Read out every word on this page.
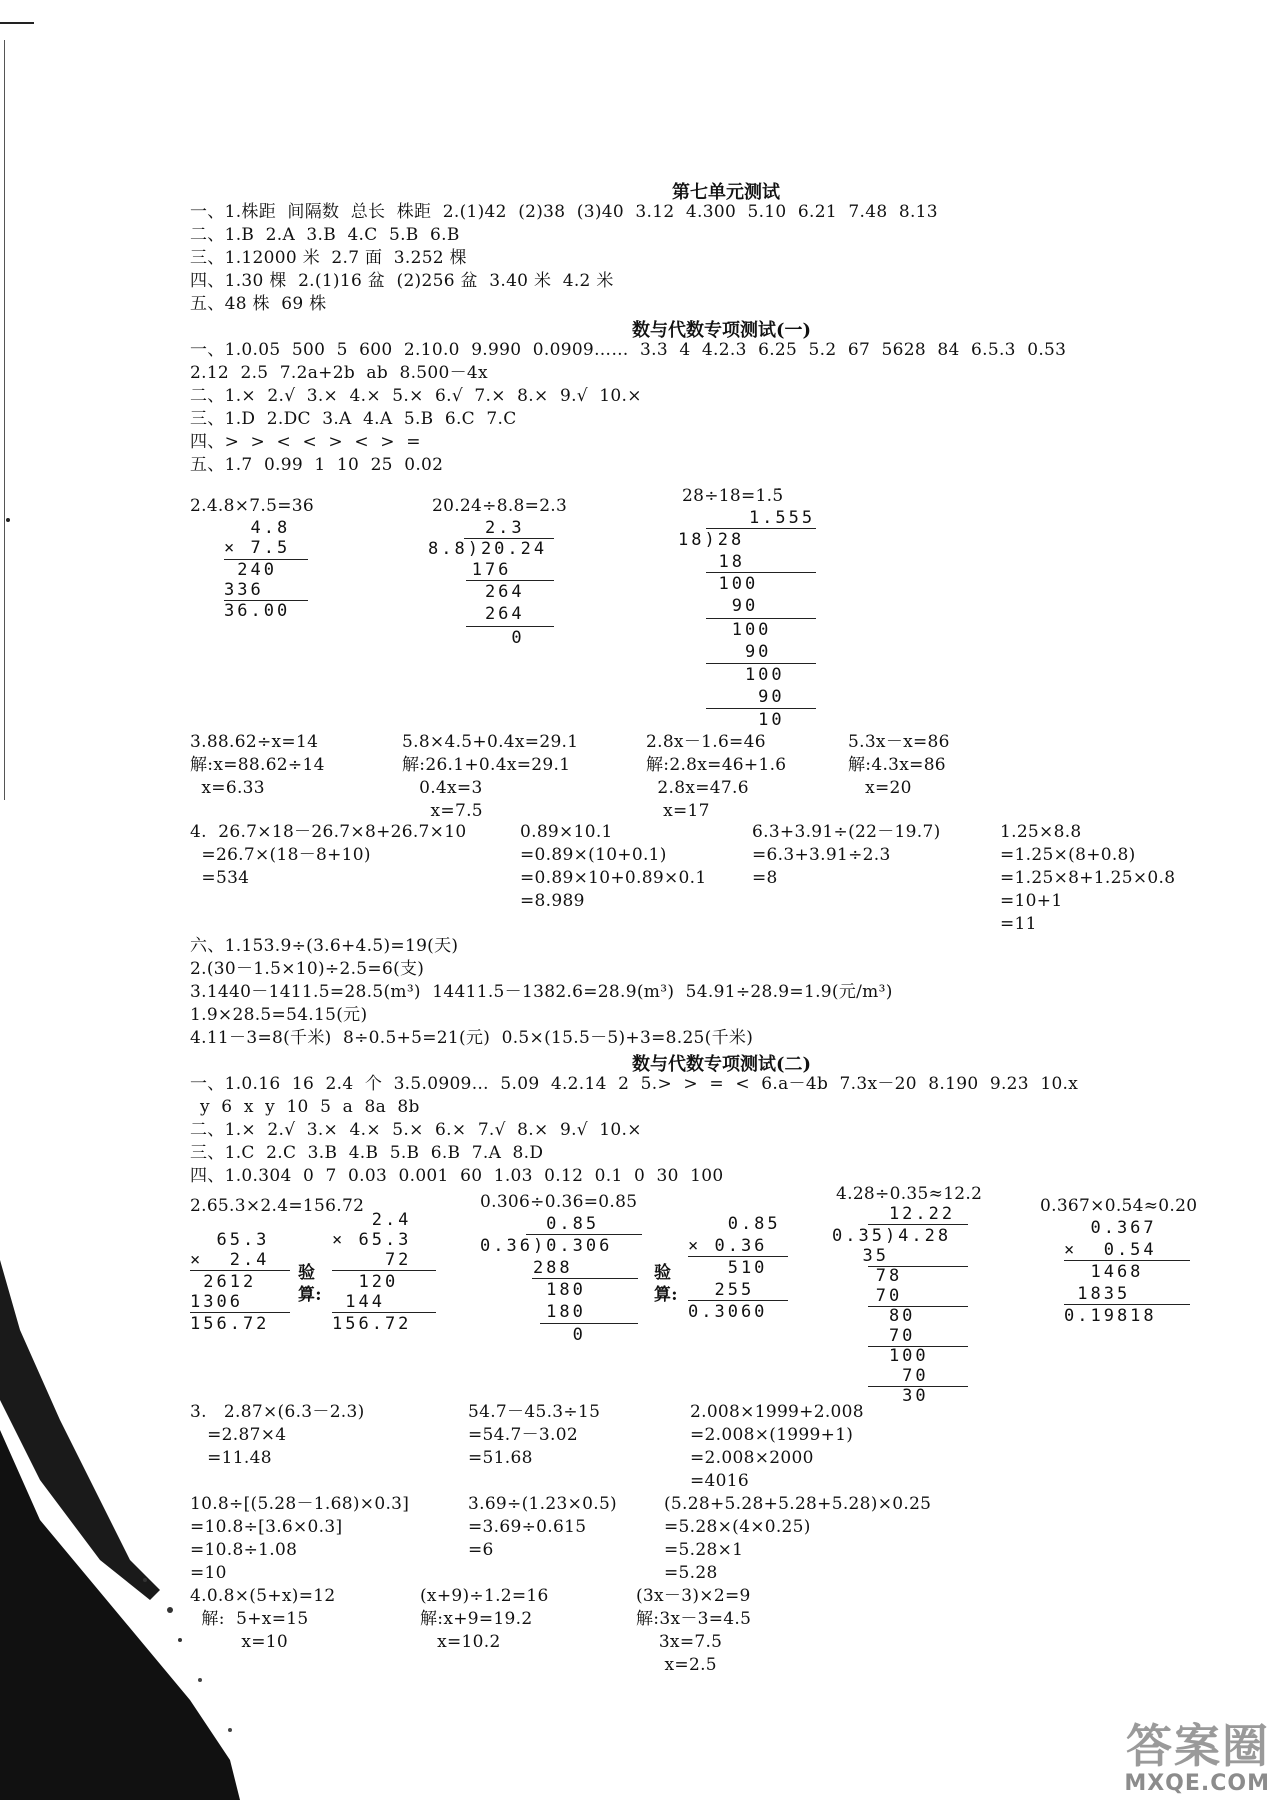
第七单元测试
一、1.株距  间隔数  总长  株距  2.(1)42  (2)38  (3)40  3.12  4.300  5.10  6.21  7.48  8.13
二、1.B  2.A  3.B  4.C  5.B  6.B
三、1.12000 米  2.7 面  3.252 棵
四、1.30 棵  2.(1)16 盆  (2)256 盆  3.40 米  4.2 米
五、48 株  69 株
数与代数专项测试(一)
一、1.0.05  500  5  600  2.10.0  9.990  0.0909……  3.3  4  4.2.3  6.25  5.2  67  5628  84  6.5.3  0.53
2.12  2.5  7.2a+2b  ab  8.500－4x
二、1.×  2.√  3.×  4.×  5.×  6.√  7.×  8.×  9.√  10.×
三、1.D  2.DC  3.A  4.A  5.B  6.C  7.C
四、>  >  <  <  >  <  >  =
五、1.7  0.99  1  10  25  0.02
2.4.8×7.5=36
4.8
× 7.5
240
336
36.00
20.24÷8.8=2.3
2.3
8.8)20.24
176
264
264
0
28÷18=1.5̇
1.555
18)28
18
100
90
100
90
100
90
10
3.88.62÷x=14
解:x=88.62÷14
x=6.33
5.8×4.5+0.4x=29.1
解:26.1+0.4x=29.1
0.4x=3
x=7.5
2.8x－1.6=46
解:2.8x=46+1.6
2.8x=47.6
x=17
5.3x－x=86
解:4.3x=86
x=20
4.  26.7×18－26.7×8+26.7×10
=26.7×(18－8+10)
=534
0.89×10.1
=0.89×(10+0.1)
=0.89×10+0.89×0.1
=8.989
6.3+3.91÷(22－19.7)
=6.3+3.91÷2.3
=8
1.25×8.8
=1.25×(8+0.8)
=1.25×8+1.25×0.8
=10+1
=11
六、1.153.9÷(3.6+4.5)=19(天)
2.(30－1.5×10)÷2.5=6(支)
3.1440－1411.5=28.5(m³)  14411.5－1382.6=28.9(m³)  54.91÷28.9=1.9(元/m³)
1.9×28.5=54.15(元)
4.11－3=8(千米)  8÷0.5+5=21(元)  0.5×(15.5－5)+3=8.25(千米)
数与代数专项测试(二)
一、1.0.16  16  2.4  个  3.5.0909…  5.09  4.2.14  2  5.>  >  =  <  6.a－4b  7.3x－20  8.190  9.23  10.x
y  6  x  y  10  5  a  8a  8b
二、1.×  2.√  3.×  4.×  5.×  6.×  7.√  8.×  9.√  10.×
三、1.C  2.C  3.B  4.B  5.B  6.B  7.A  8.D
四、1.0.304  0  7  0.03  0.001  60  1.03  0.12  0.1  0  30  100
2.65.3×2.4=156.72
65.3
×  2.4
2612
1306
156.72
验
算:
2.4
× 65.3
72
120
144
156.72
0.306÷0.36=0.85
0.85
0.36)0.306
288
180
180
0
验
算:
0.85
× 0.36
510
255
0.3060
4.28÷0.35≈12.2
12.22
0.35)4.28
35
78
70
80
70
100
70
30
0.367×0.54≈0.20
0.367
×  0.54
1468
1835
0.19818
3.   2.87×(6.3－2.3)
=2.87×4
=11.48
54.7－45.3÷15
=54.7－3.02
=51.68
2.008×1999+2.008
=2.008×(1999+1)
=2.008×2000
=4016
10.8÷[(5.28－1.68)×0.3]
=10.8÷[3.6×0.3]
=10.8÷1.08
=10
3.69÷(1.23×0.5)
=3.69÷0.615
=6
(5.28+5.28+5.28+5.28)×0.25
=5.28×(4×0.25)
=5.28×1
=5.28
4.0.8×(5+x)=12
解:  5+x=15
x=10
(x+9)÷1.2=16
解:x+9=19.2
x=10.2
(3x－3)×2=9
解:3x－3=4.5
3x=7.5
x=2.5
答案圈
MXQE.COM
